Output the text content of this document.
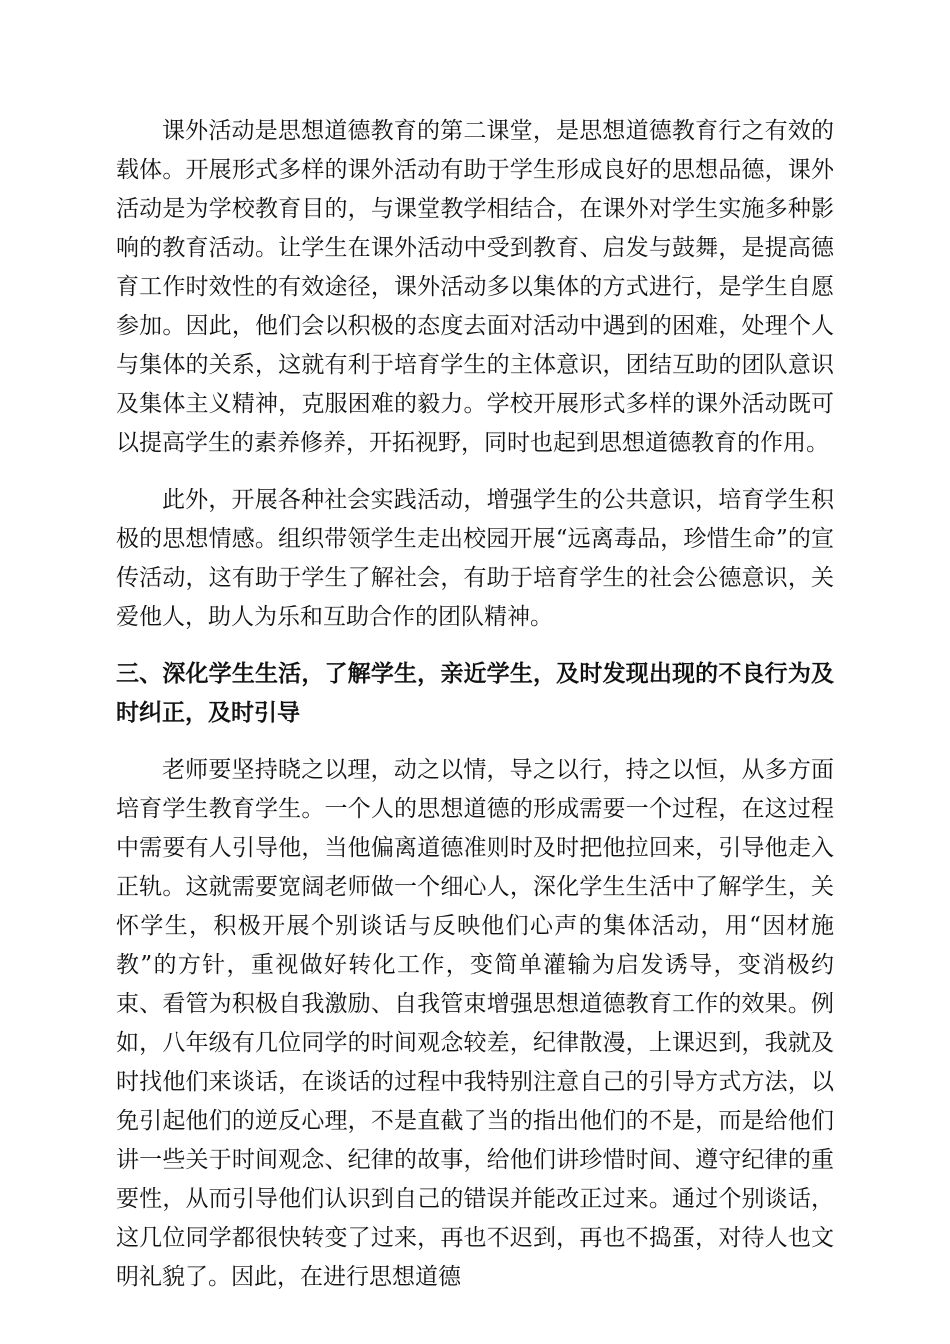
课外活动是思想道德教育的第二课堂，是思想道德教育行之有效的载体。开展形式多样的课外活动有助于学生形成良好的思想品德，课外活动是为学校教育目的，与课堂教学相结合，在课外对学生实施多种影响的教育活动。让学生在课外活动中受到教育、启发与鼓舞，是提高德育工作时效性的有效途径，课外活动多以集体的方式进行，是学生自愿参加。因此，他们会以积极的态度去面对活动中遇到的困难，处理个人与集体的关系，这就有利于培育学生的主体意识，团结互助的团队意识及集体主义精神，克服困难的毅力。学校开展形式多样的课外活动既可以提高学生的素养修养，开拓视野，同时也起到思想道德教育的作用。

此外，开展各种社会实践活动，增强学生的公共意识，培育学生积极的思想情感。组织带领学生走出校园开展“远离毒品，珍惜生命”的宣传活动，这有助于学生了解社会，有助于培育学生的社会公德意识，关爱他人，助人为乐和互助合作的团队精神。

三、深化学生生活，了解学生，亲近学生，及时发现出现的不良行为及时纠正，及时引导

老师要坚持晓之以理，动之以情，导之以行，持之以恒，从多方面培育学生教育学生。一个人的思想道德的形成需要一个过程，在这过程中需要有人引导他，当他偏离道德准则时及时把他拉回来，引导他走入正轨。这就需要宽阔老师做一个细心人，深化学生生活中了解学生，关怀学生，积极开展个别谈话与反映他们心声的集体活动，用“因材施教”的方针，重视做好转化工作，变简单灌输为启发诱导，变消极约束、看管为积极自我激励、自我管束增强思想道德教育工作的效果。例如，八年级有几位同学的时间观念较差，纪律散漫，上课迟到，我就及时找他们来谈话，在谈话的过程中我特别注意自己的引导方式方法，以免引起他们的逆反心理，不是直截了当的指出他们的不是，而是给他们讲一些关于时间观念、纪律的故事，给他们讲珍惜时间、遵守纪律的重要性，从而引导他们认识到自己的错误并能改正过来。通过个别谈话，这几位同学都很快转变了过来，再也不迟到，再也不捣蛋，对待人也文明礼貌了。因此，在进行思想道德
